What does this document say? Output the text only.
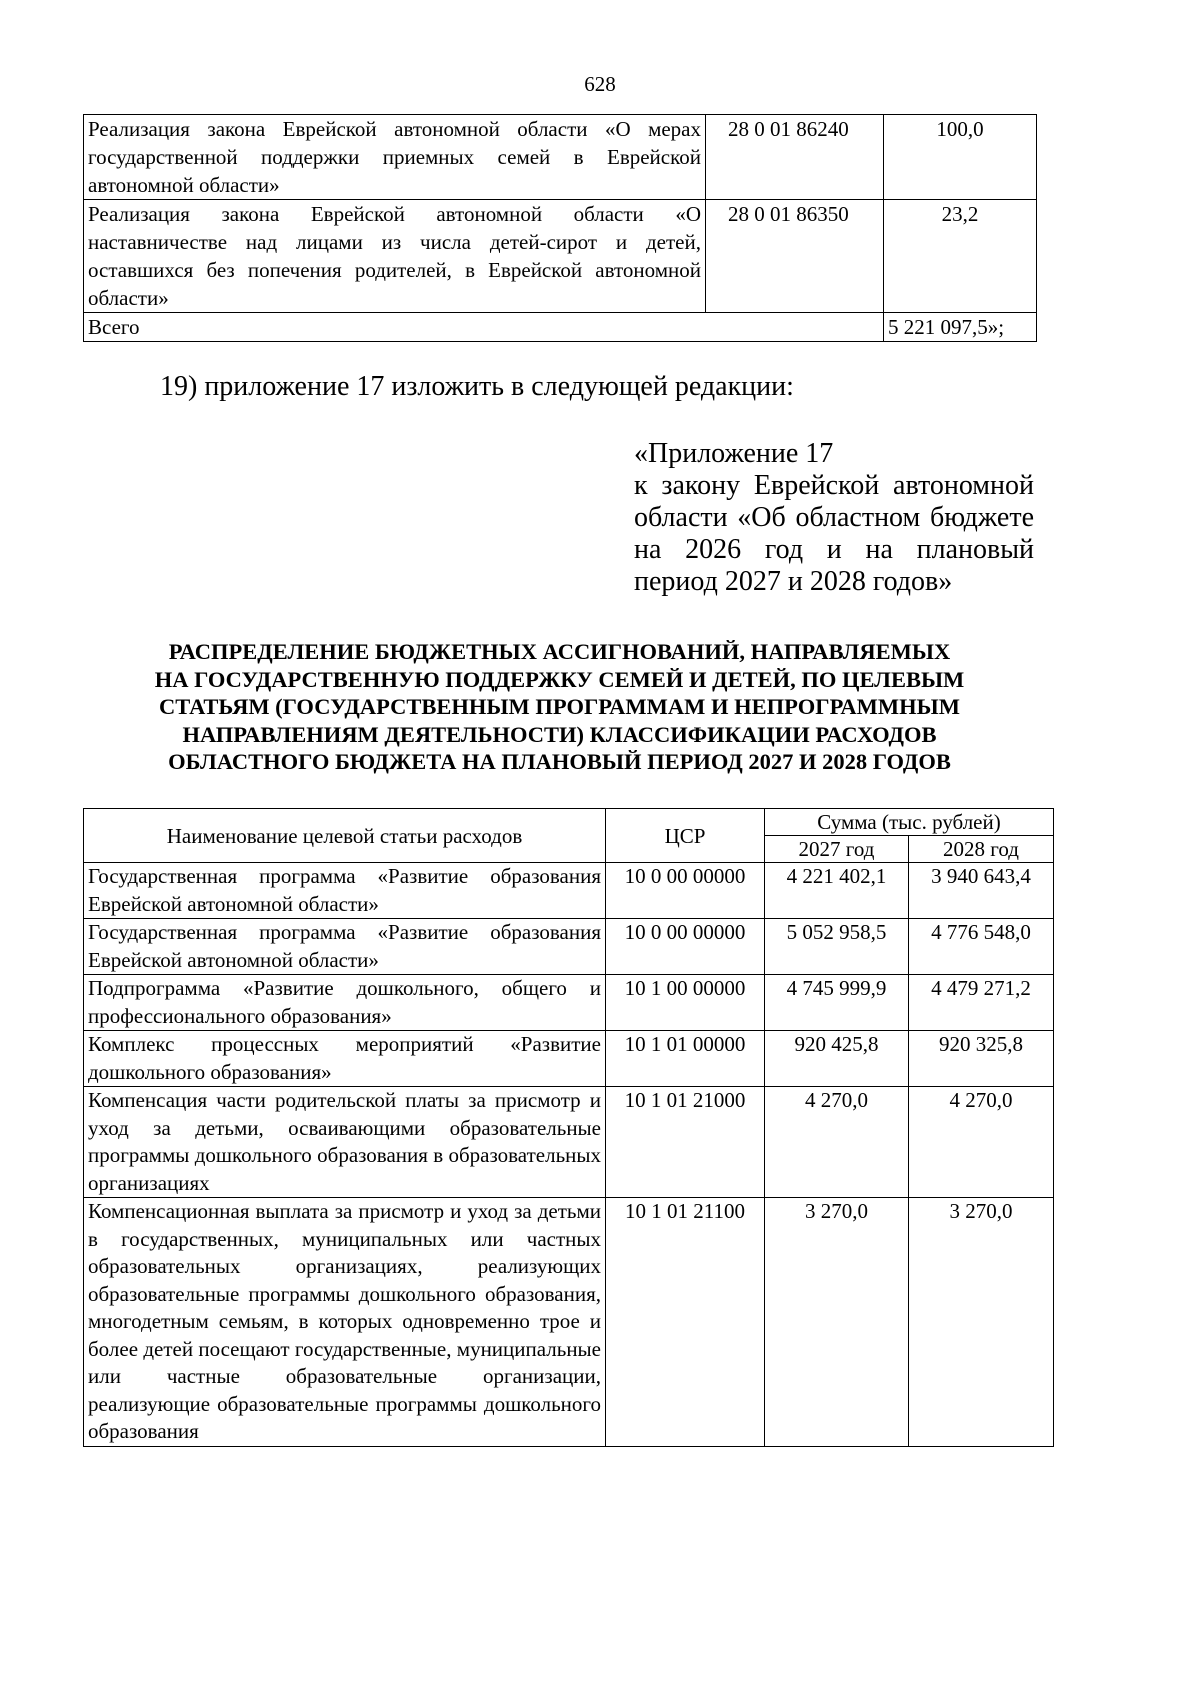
628
Реализация закона Еврейской автономной области «О мерах государственной поддержки приемных семей в Еврейской автономной области»	28 0 01 86240	100,0
Реализация закона Еврейской автономной области «О наставничестве над лицами из числа детей-сирот и детей, оставшихся без попечения родителей, в Еврейской автономной области»	28 0 01 86350	23,2
Всего		5 221 097,5»;
19) приложение 17 изложить в следующей редакции:
«Приложение 17
к закону Еврейской автономной
области «Об областном бюджете
на 2026 год и на плановый
период 2027 и 2028 годов»
РАСПРЕДЕЛЕНИЕ БЮДЖЕТНЫХ АССИГНОВАНИЙ, НАПРАВЛЯЕМЫХ
НА ГОСУДАРСТВЕННУЮ ПОДДЕРЖКУ СЕМЕЙ И ДЕТЕЙ, ПО ЦЕЛЕВЫМ
СТАТЬЯМ (ГОСУДАРСТВЕННЫМ ПРОГРАММАМ И НЕПРОГРАММНЫМ
НАПРАВЛЕНИЯМ ДЕЯТЕЛЬНОСТИ) КЛАССИФИКАЦИИ РАСХОДОВ
ОБЛАСТНОГО БЮДЖЕТА НА ПЛАНОВЫЙ ПЕРИОД 2027 И 2028 ГОДОВ
Наименование целевой статьи расходов	ЦСР	Сумма (тыс. рублей)	
		2027 год	2028 год
Государственная программа «Развитие образования Еврейской автономной области»	10 0 00 00000	4 221 402,1	3 940 643,4
Государственная программа «Развитие образования Еврейской автономной области»	10 0 00 00000	5 052 958,5	4 776 548,0
Подпрограмма «Развитие дошкольного, общего и профессионального образования»	10 1 00 00000	4 745 999,9	4 479 271,2
Комплекс процессных мероприятий «Развитие дошкольного образования»	10 1 01 00000	920 425,8	920 325,8
Компенсация части родительской платы за присмотр и уход за детьми, осваивающими образовательные программы дошкольного образования в образовательных организациях	10 1 01 21000	4 270,0	4 270,0
Компенсационная выплата за присмотр и уход за детьми в государственных, муниципальных или частных образовательных организациях, реализующих образовательные программы дошкольного образования, многодетным семьям, в которых одновременно трое и более детей посещают государственные, муниципальные или частные образовательные организации, реализующие образовательные программы дошкольного образования	10 1 01 21100	3 270,0	3 270,0
